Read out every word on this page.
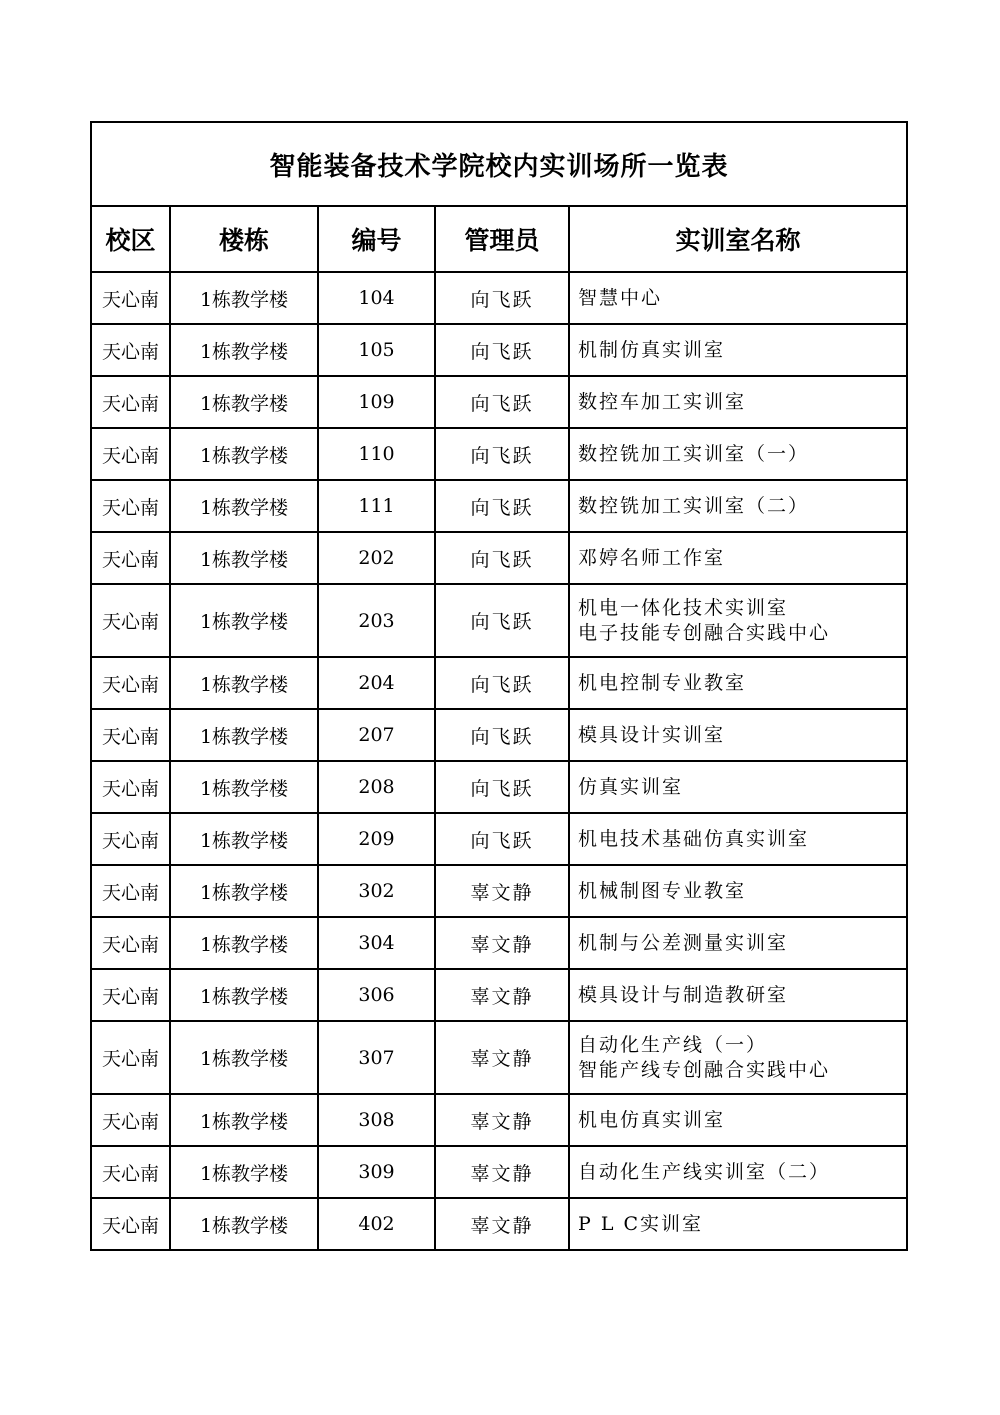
智能装备技术学院校内实训场所一览表				
校区	楼栋	编号	管理员	实训室名称
天心南	1栋教学楼	104	向飞跃	智慧中心

天心南	1栋教学楼	105	向飞跃	机制仿真实训室

天心南	1栋教学楼	109	向飞跃	数控车加工实训室

天心南	1栋教学楼	110	向飞跃	数控铣加工实训室（一）

天心南	1栋教学楼	111	向飞跃	数控铣加工实训室（二）

天心南	1栋教学楼	202	向飞跃	邓婷名师工作室

天心南	1栋教学楼	203	向飞跃	机电一体化技术实训室
电子技能专创融合实践中心

天心南	1栋教学楼	204	向飞跃	机电控制专业教室

天心南	1栋教学楼	207	向飞跃	模具设计实训室

天心南	1栋教学楼	208	向飞跃	仿真实训室

天心南	1栋教学楼	209	向飞跃	机电技术基础仿真实训室

天心南	1栋教学楼	302	辜文静	机械制图专业教室

天心南	1栋教学楼	304	辜文静	机制与公差测量实训室

天心南	1栋教学楼	306	辜文静	模具设计与制造教研室

天心南	1栋教学楼	307	辜文静	自动化生产线（一）
智能产线专创融合实践中心

天心南	1栋教学楼	308	辜文静	机电仿真实训室

天心南	1栋教学楼	309	辜文静	自动化生产线实训室（二）

天心南	1栋教学楼	402	辜文静	P L C实训室
